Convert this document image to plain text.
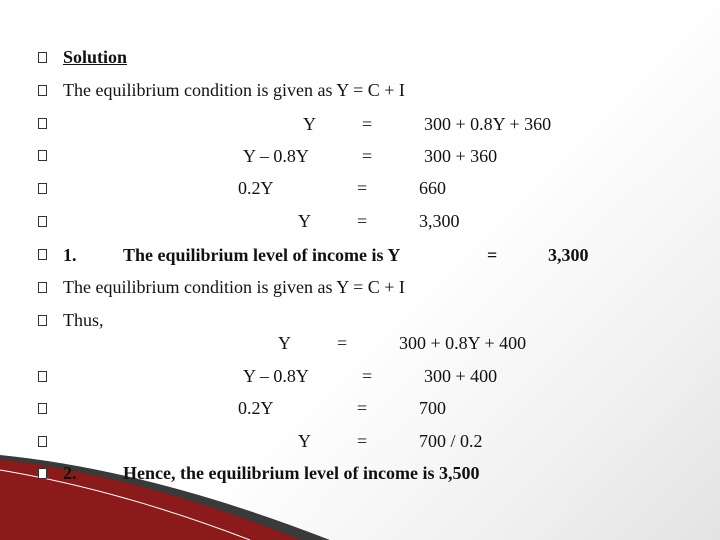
Solution
The equilibrium condition is given as Y = C + I
Y	=	300 + 0.8Y + 360
Y – 0.8Y	=	300 + 360
0.2Y	=	660
Y	=	3,300
1.	The equilibrium level of income is Y	=	3,300
The equilibrium condition is given as Y = C + I
Thus,
Y	=	300 + 0.8Y + 400
Y – 0.8Y	=	300 + 400
0.2Y	=	700
Y	=	700 / 0.2
2.	Hence, the equilibrium level of income is 3,500
